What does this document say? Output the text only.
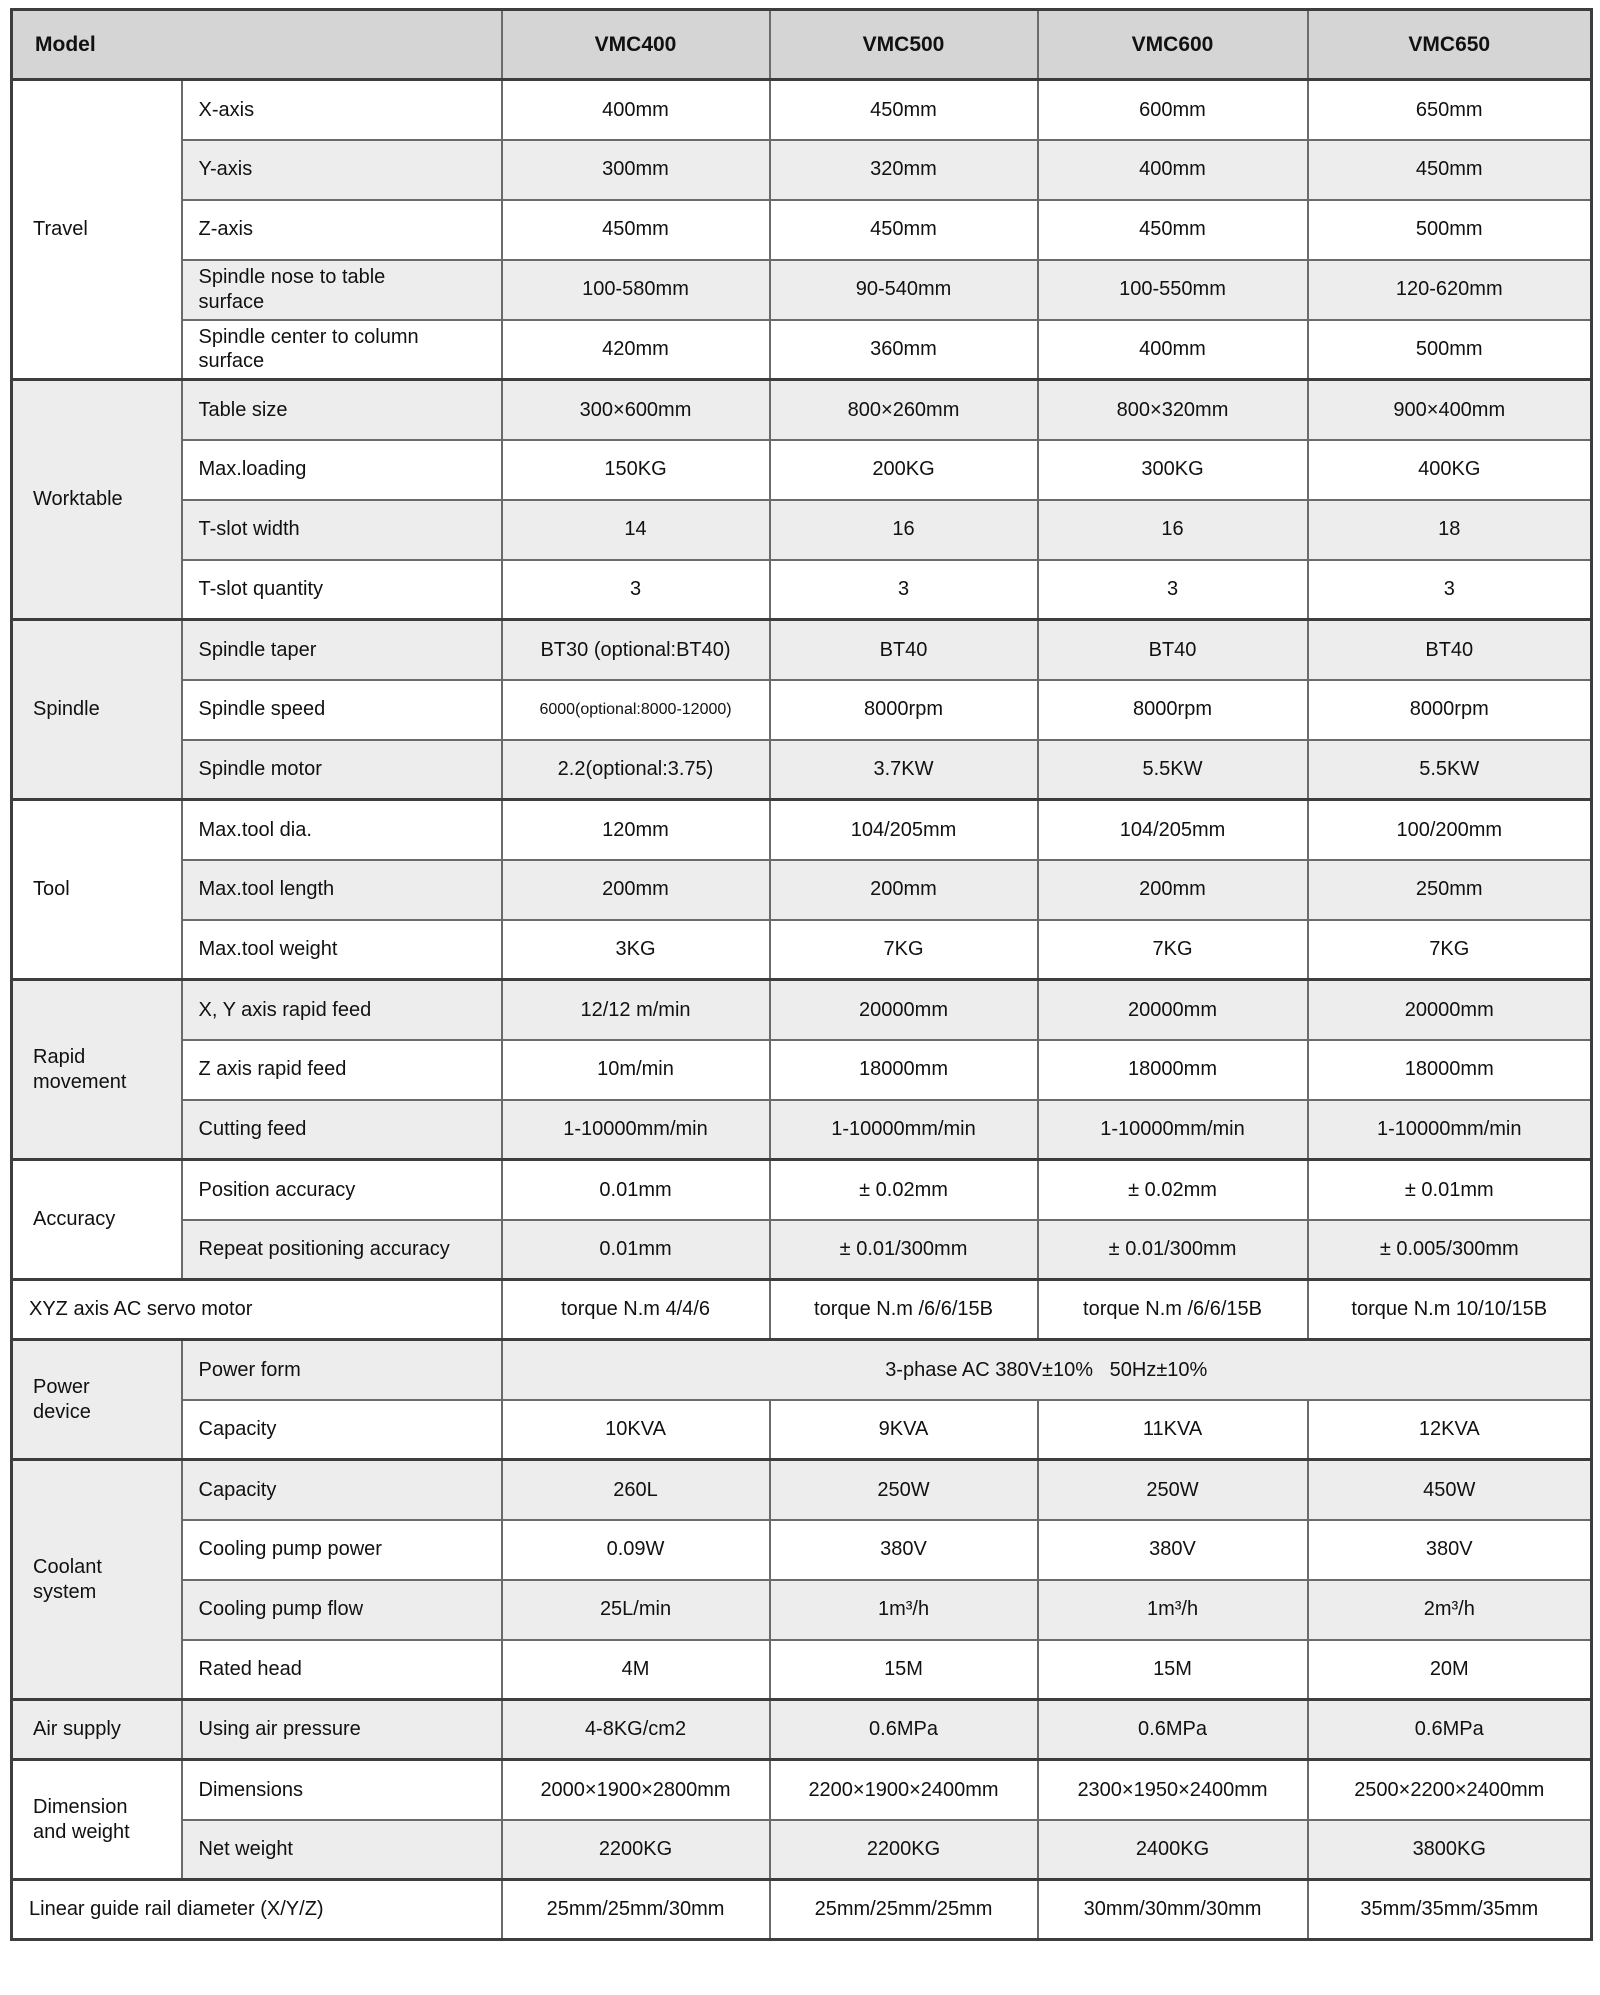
Model		VMC400	VMC500	VMC600	VMC650
Travel	X-axis	400mm	450mm	600mm	650mm
	Y-axis	300mm	320mm	400mm	450mm
	Z-axis	450mm	450mm	450mm	500mm
	Spindle nose to table surface	100-580mm	90-540mm	100-550mm	120-620mm
	Spindle center to column surface	420mm	360mm	400mm	500mm
Worktable	Table size	300×600mm	800×260mm	800×320mm	900×400mm
	Max.loading	150KG	200KG	300KG	400KG
	T-slot width	14	16	16	18
	T-slot quantity	3	3	3	3
Spindle	Spindle taper	BT30 (optional:BT40)	BT40	BT40	BT40
	Spindle speed	6000(optional:8000-12000)	8000rpm	8000rpm	8000rpm
	Spindle motor	2.2(optional:3.75)	3.7KW	5.5KW	5.5KW
Tool	Max.tool dia.	120mm	104/205mm	104/205mm	100/200mm
	Max.tool length	200mm	200mm	200mm	250mm
	Max.tool weight	3KG	7KG	7KG	7KG
Rapid movement	X, Y axis rapid feed	12/12 m/min	20000mm	20000mm	20000mm
	Z axis rapid feed	10m/min	18000mm	18000mm	18000mm
	Cutting feed	1-10000mm/min	1-10000mm/min	1-10000mm/min	1-10000mm/min
Accuracy	Position accuracy	0.01mm	± 0.02mm	± 0.02mm	± 0.01mm
	Repeat positioning accuracy	0.01mm	± 0.01/300mm	± 0.01/300mm	± 0.005/300mm
XYZ axis AC servo motor		torque N.m 4/4/6	torque N.m /6/6/15B	torque N.m /6/6/15B	torque N.m 10/10/15B
Power device	Power form	3-phase AC 380V±10%   50Hz±10%			
	Capacity	10KVA	9KVA	11KVA	12KVA
Coolant system	Capacity	260L	250W	250W	450W
	Cooling pump power	0.09W	380V	380V	380V
	Cooling pump flow	25L/min	1m³/h	1m³/h	2m³/h
	Rated head	4M	15M	15M	20M
Air supply	Using air pressure	4-8KG/cm2	0.6MPa	0.6MPa	0.6MPa
Dimension and weight	Dimensions	2000×1900×2800mm	2200×1900×2400mm	2300×1950×2400mm	2500×2200×2400mm
	Net weight	2200KG	2200KG	2400KG	3800KG
Linear guide rail diameter (X/Y/Z)		25mm/25mm/30mm	25mm/25mm/25mm	30mm/30mm/30mm	35mm/35mm/35mm
